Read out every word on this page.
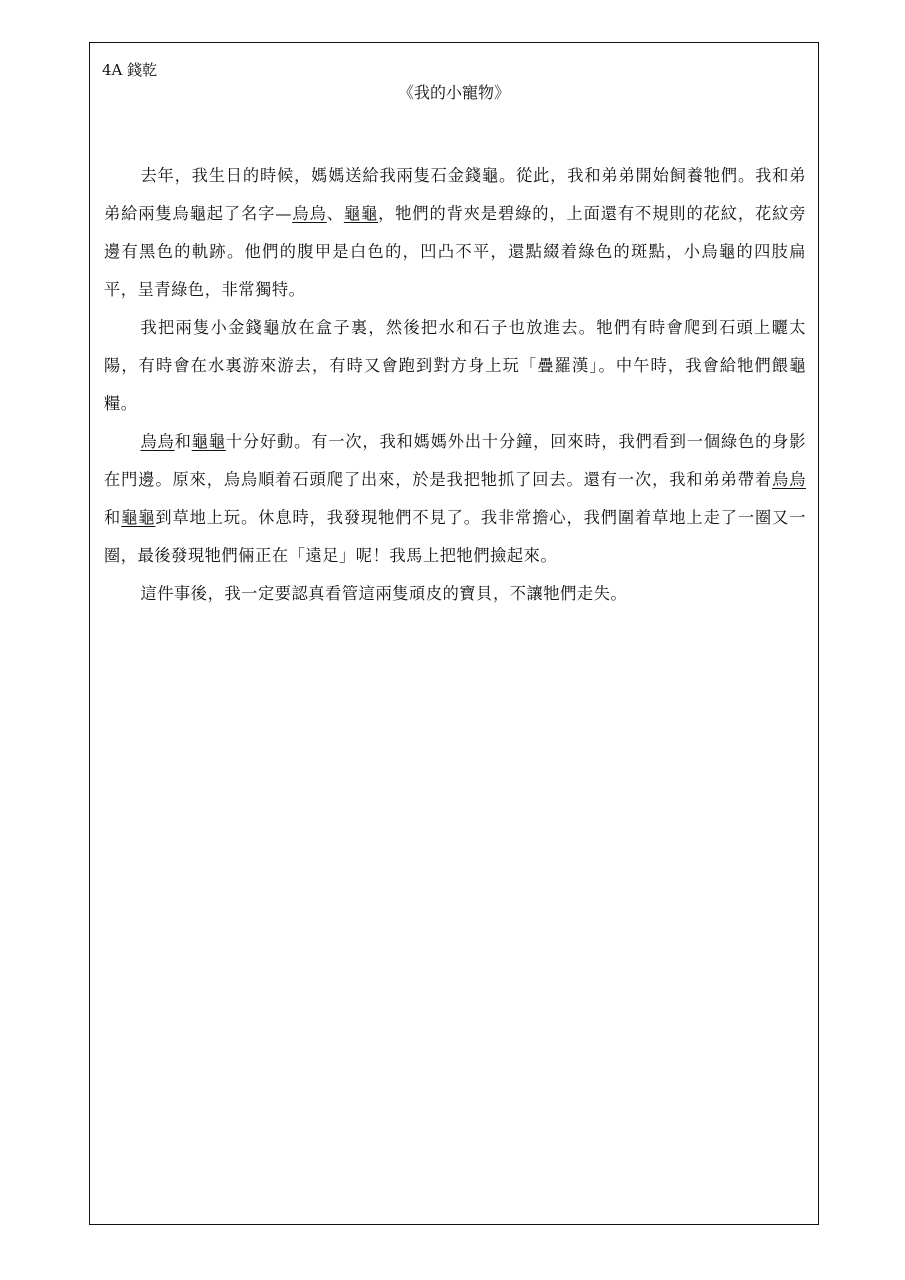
4A 錢乾
《我的小寵物》

去年，我生日的時候，媽媽送給我兩隻石金錢龜。從此，我和弟弟開始飼養牠們。我和弟弟給兩隻烏龜起了名字—烏烏、龜龜，牠們的背夾是碧綠的，上面還有不規則的花紋，花紋旁邊有黑色的軌跡。他們的腹甲是白色的，凹凸不平，還點綴着綠色的斑點，小烏龜的四肢扁平，呈青綠色，非常獨特。

我把兩隻小金錢龜放在盒子裏，然後把水和石子也放進去。牠們有時會爬到石頭上曬太陽，有時會在水裏游來游去，有時又會跑到對方身上玩「疊羅漢」。中午時，我會給牠們餵龜糧。

烏烏和龜龜十分好動。有一次，我和媽媽外出十分鐘，回來時，我們看到一個綠色的身影在門邊。原來，烏烏順着石頭爬了出來，於是我把牠抓了回去。還有一次，我和弟弟帶着烏烏和龜龜到草地上玩。休息時，我發現牠們不見了。我非常擔心，我們圍着草地上走了一圈又一圈，最後發現牠們倆正在「遠足」呢！我馬上把牠們撿起來。

這件事後，我一定要認真看管這兩隻頑皮的寶貝，不讓牠們走失。
